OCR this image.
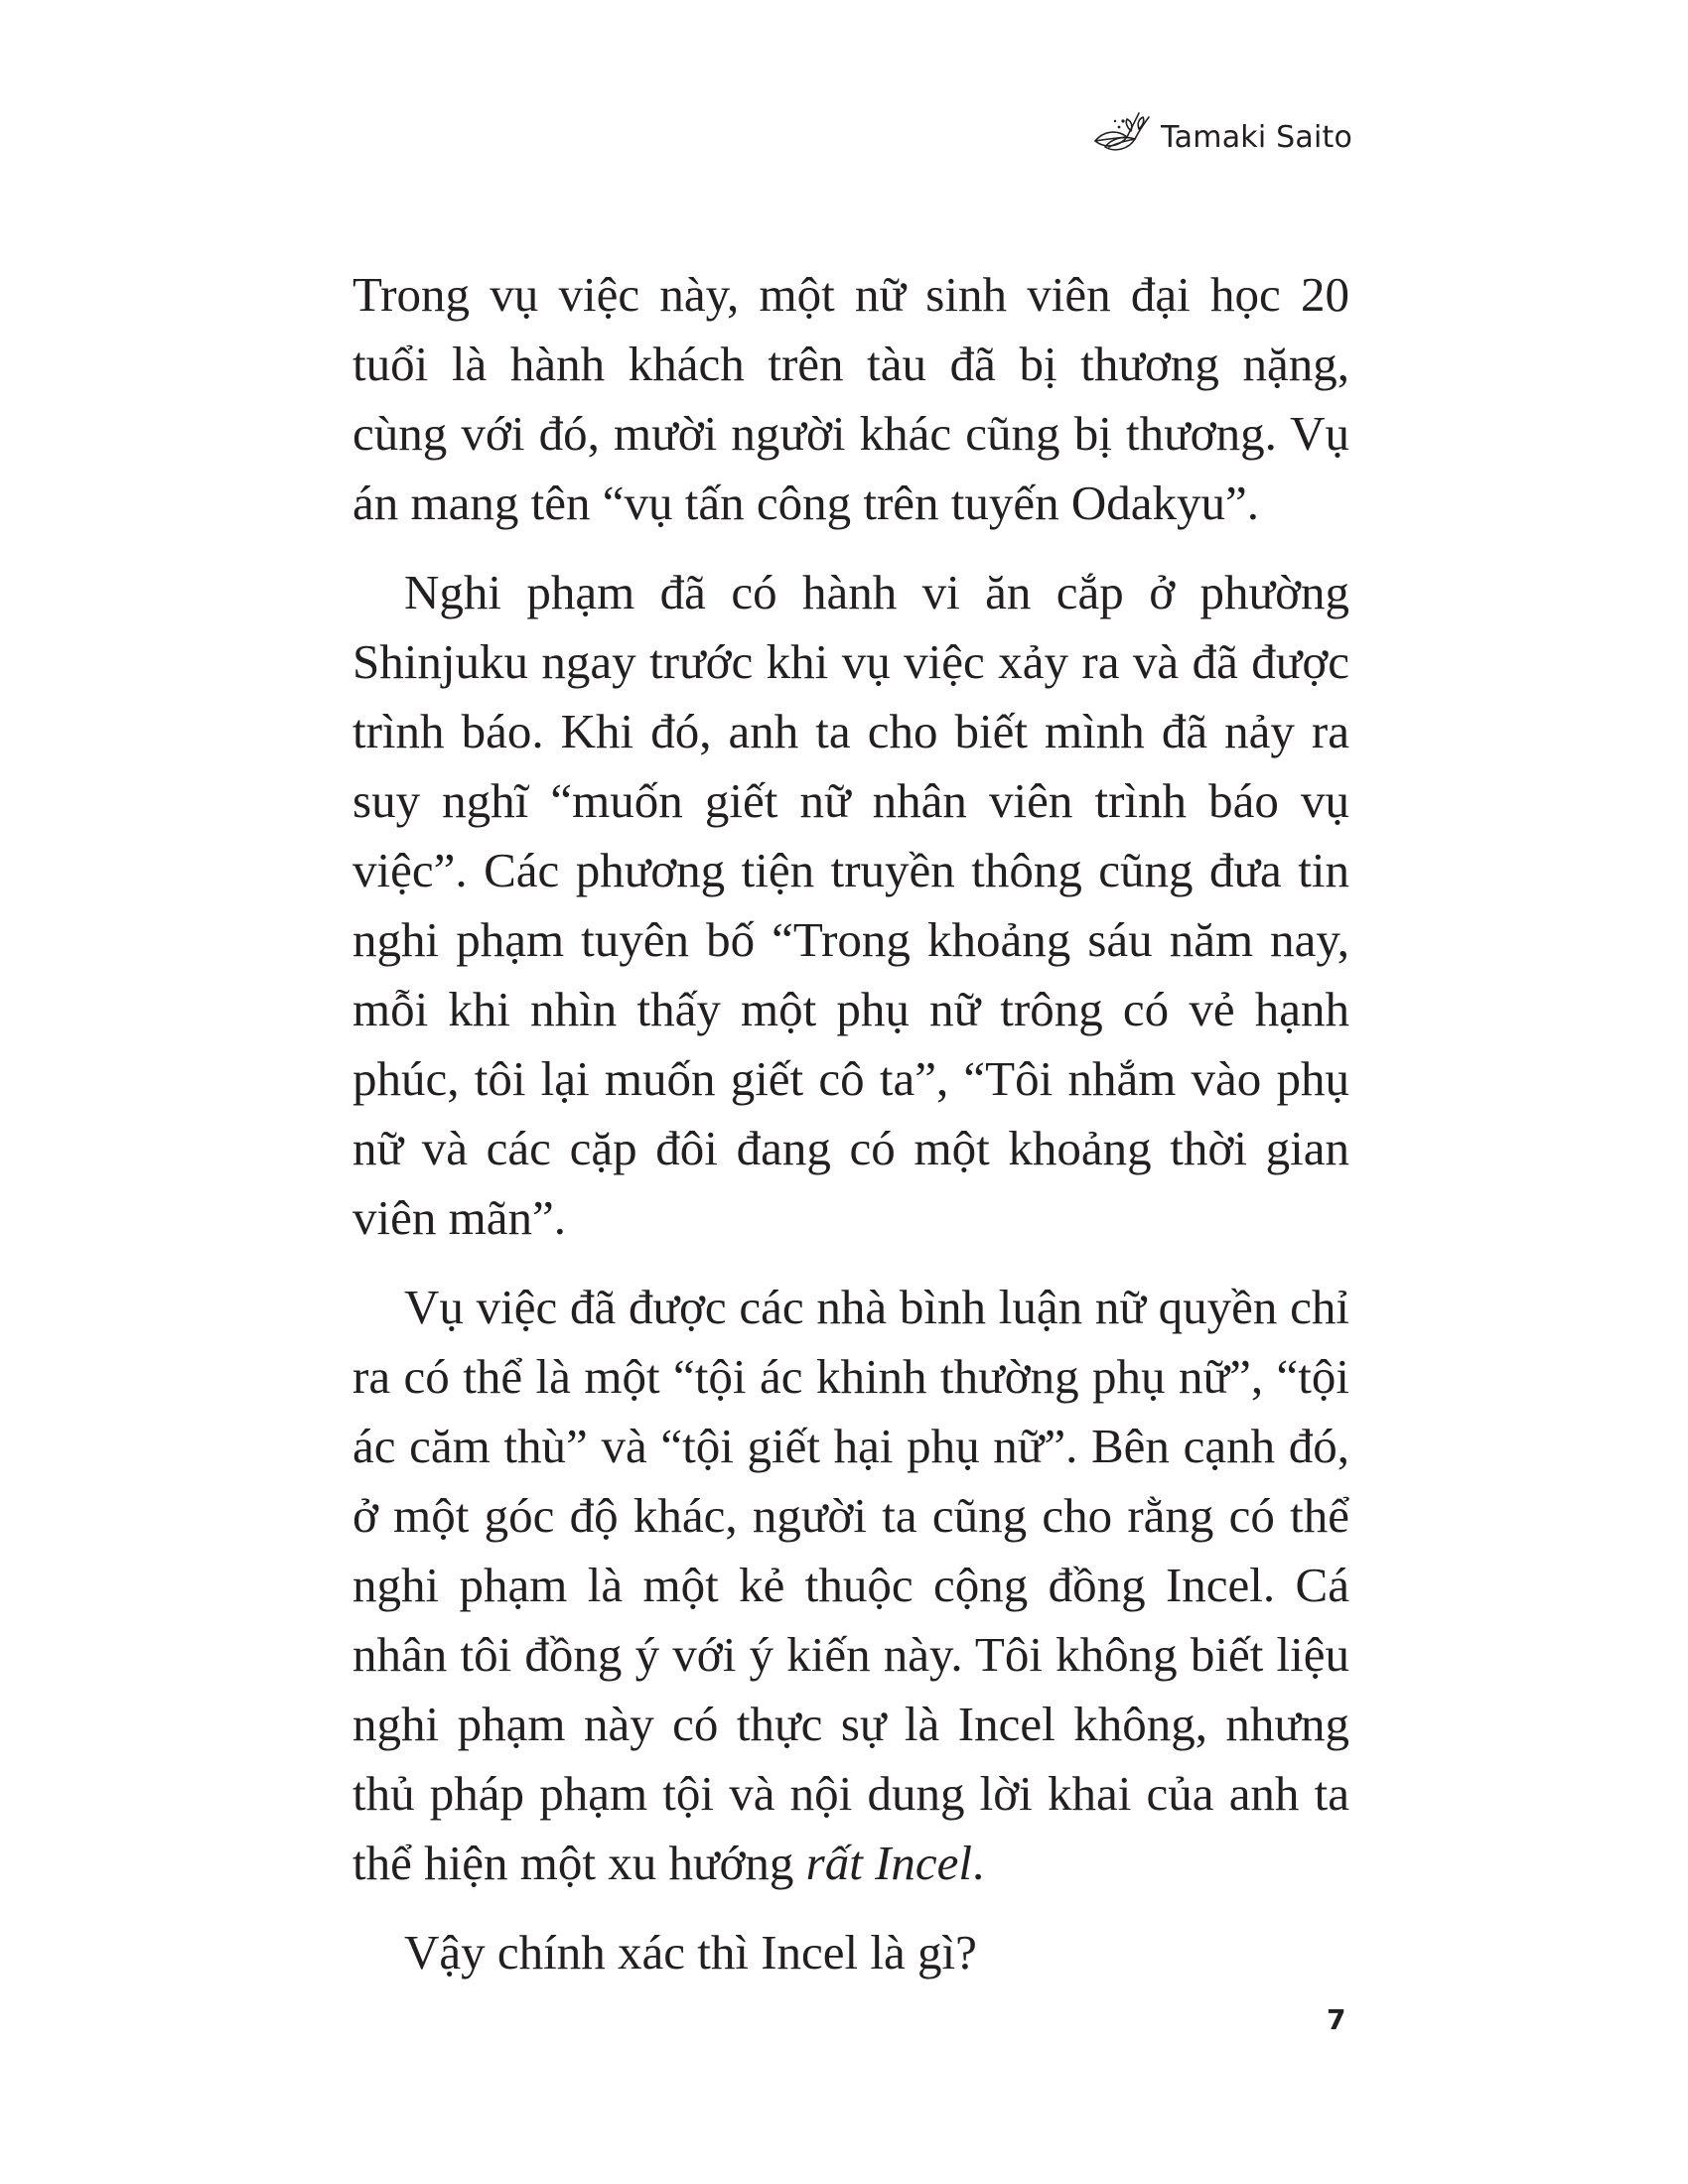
Tamaki Saito

Trong vụ việc này, một nữ sinh viên đại học 20 tuổi là hành khách trên tàu đã bị thương nặng, cùng với đó, mười người khác cũng bị thương. Vụ án mang tên “vụ tấn công trên tuyến Odakyu”.

Nghi phạm đã có hành vi ăn cắp ở phường Shinjuku ngay trước khi vụ việc xảy ra và đã được trình báo. Khi đó, anh ta cho biết mình đã nảy ra suy nghĩ “muốn giết nữ nhân viên trình báo vụ việc”. Các phương tiện truyền thông cũng đưa tin nghi phạm tuyên bố “Trong khoảng sáu năm nay, mỗi khi nhìn thấy một phụ nữ trông có vẻ hạnh phúc, tôi lại muốn giết cô ta”, “Tôi nhắm vào phụ nữ và các cặp đôi đang có một khoảng thời gian viên mãn”.

Vụ việc đã được các nhà bình luận nữ quyền chỉ ra có thể là một “tội ác khinh thường phụ nữ”, “tội ác căm thù” và “tội giết hại phụ nữ”. Bên cạnh đó, ở một góc độ khác, người ta cũng cho rằng có thể nghi phạm là một kẻ thuộc cộng đồng Incel. Cá nhân tôi đồng ý với ý kiến này. Tôi không biết liệu nghi phạm này có thực sự là Incel không, nhưng thủ pháp phạm tội và nội dung lời khai của anh ta thể hiện một xu hướng rất Incel.

Vậy chính xác thì Incel là gì?

7
